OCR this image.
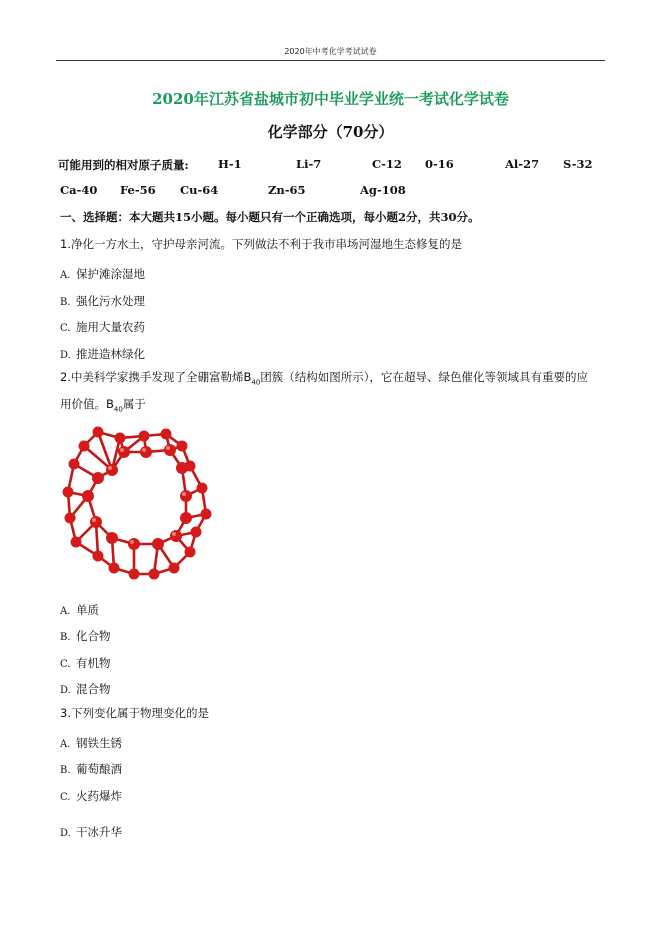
2020年中考化学考试试卷
2020年江苏省盐城市初中毕业学业统一考试化学试卷
化学部分（70分）
可能用到的相对原子质量:	H-1	Li-7	C-12 0-16	Al-27 S-32
Ca-40 Fe-56 Cu-64	Zn-65	Ag-108
一、选择题：本大题共15小题。每小题只有一个正确选项，每小题2分，共30分。
1.净化一方水土，守护母亲河流。下列做法不利于我市串场河湿地生态修复的是
A. 保护滩涂湿地
B. 强化污水处理
C. 施用大量农药
D. 推进造林绿化
2.中美科学家携手发现了全硼富勒烯$B_{40}$团簇（结构如图所示），它在超导、绿色催化等领域具有重要的应
用价值。$B_{40}$属于
A. 单质
B. 化合物
C. 有机物
D. 混合物
3.下列变化属于物理变化的是
A. 钢铁生锈
B. 葡萄酿酒
C. 火药爆炸
D. 干冰升华
